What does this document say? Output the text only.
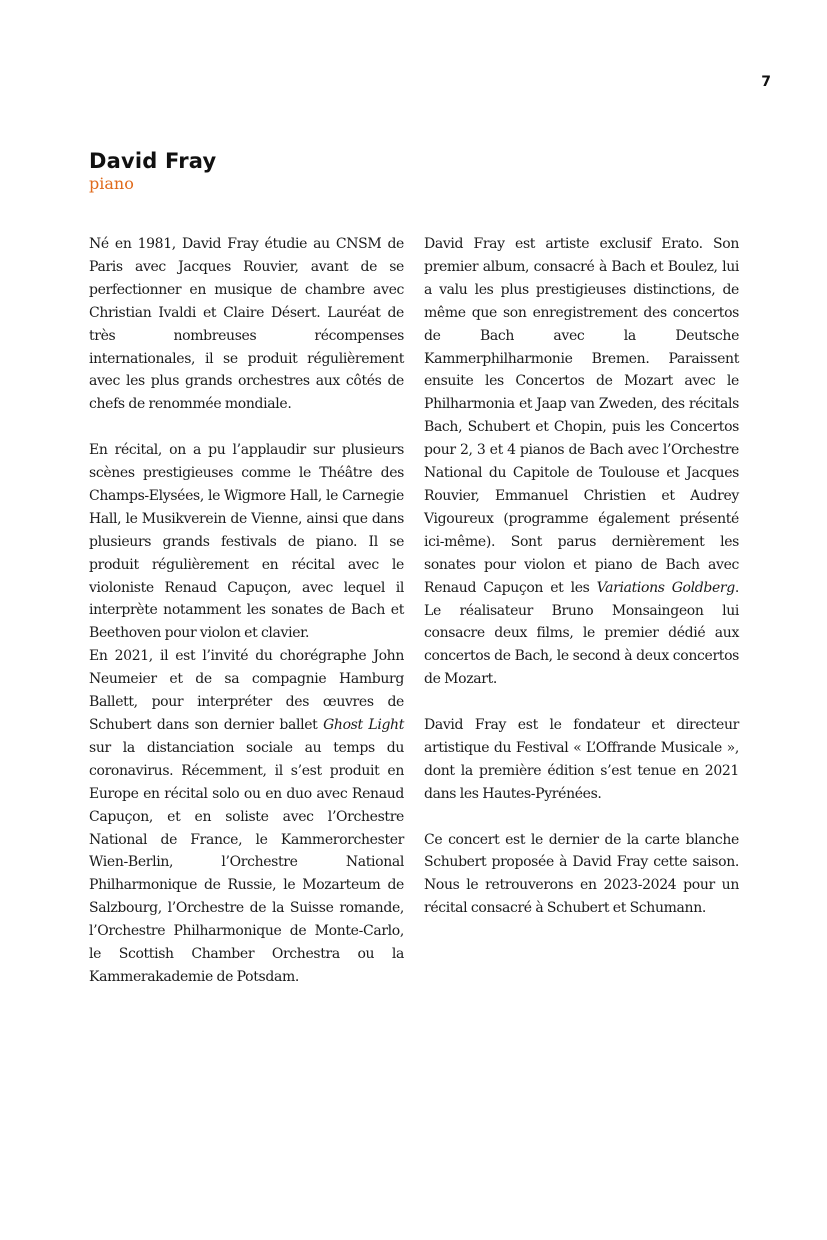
7
David Fray
piano

Né en 1981, David Fray étudie au CNSM de Paris avec Jacques Rouvier, avant de se perfectionner en musique de chambre avec Christian Ivaldi et Claire Désert. Lauréat de très nombreuses récompenses internationales, il se produit régulièrement avec les plus grands orchestres aux côtés de chefs de renommée mondiale.

En récital, on a pu l’applaudir sur plusieurs scènes prestigieuses comme le Théâtre des Champs-Elysées, le Wigmore Hall, le Carnegie Hall, le Musikverein de Vienne, ainsi que dans plusieurs grands festivals de piano. Il se produit régulièrement en récital avec le violoniste Renaud Capuçon, avec lequel il interprète notamment les sonates de Bach et Beethoven pour violon et clavier.

En 2021, il est l’invité du chorégraphe John Neumeier et de sa compagnie Hamburg Ballett, pour interpréter des œuvres de Schubert dans son dernier ballet Ghost Light sur la distanciation sociale au temps du coronavirus. Récemment, il s’est produit en Europe en récital solo ou en duo avec Renaud Capuçon, et en soliste avec l’Orchestre National de France, le Kammerorchester Wien-Berlin, l’Orchestre National Philharmonique de Russie, le Mozarteum de Salzbourg, l’Orchestre de la Suisse romande, l’Orchestre Philharmonique de Monte-Carlo, le Scottish Chamber Orchestra ou la Kammerakademie de Potsdam.

David Fray est artiste exclusif Erato. Son premier album, consacré à Bach et Boulez, lui a valu les plus prestigieuses distinctions, de même que son enregistrement des concertos de Bach avec la Deutsche Kammerphilharmonie Bremen. Paraissent ensuite les Concertos de Mozart avec le Philharmonia et Jaap van Zweden, des récitals Bach, Schubert et Chopin, puis les Concertos pour 2, 3 et 4 pianos de Bach avec l’Orchestre National du Capitole de Toulouse et Jacques Rouvier, Emmanuel Christien et Audrey Vigoureux (programme également présenté ici-même). Sont parus dernièrement les sonates pour violon et piano de Bach avec Renaud Capuçon et les Variations Goldberg. Le réalisateur Bruno Monsaingeon lui consacre deux films, le premier dédié aux concertos de Bach, le second à deux concertos de Mozart.

David Fray est le fondateur et directeur artistique du Festival « L’Offrande Musicale », dont la première édition s’est tenue en 2021 dans les Hautes-Pyrénées.

Ce concert est le dernier de la carte blanche Schubert proposée à David Fray cette saison. Nous le retrouverons en 2023-2024 pour un récital consacré à Schubert et Schumann.
